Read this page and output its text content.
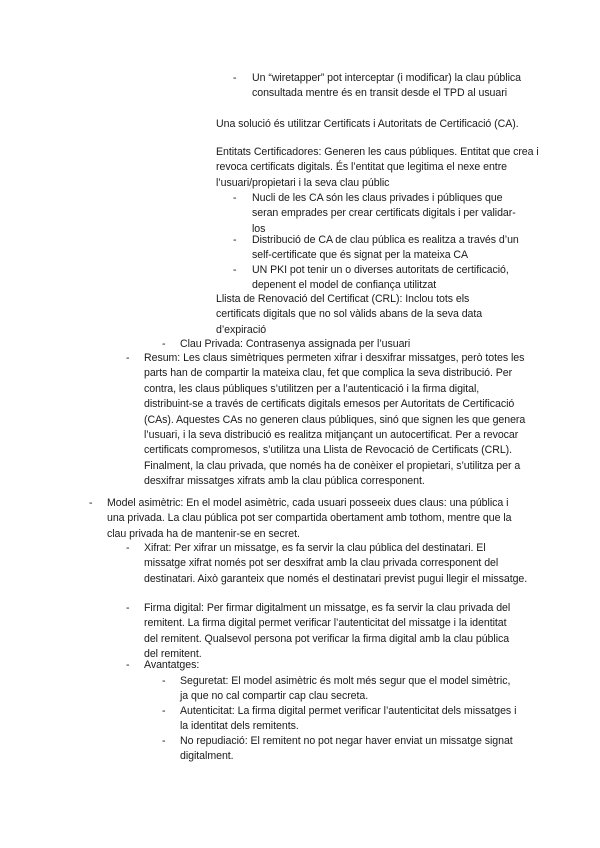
- Un “wiretapper” pot interceptar (i modificar) la clau pública consultada mentre és en transit desde el TPD al usuari
Una solució és utilitzar Certificats i Autoritats de Certificació (CA).
Entitats Certificadores: Generen les caus públiques. Entitat que crea i revoca certificats digitals. És l’entitat que legitima el nexe entre l’usuari/propietari i la seva clau públic
- Nucli de les CA són les claus privades i públiques que seran emprades per crear certificats digitals i per validar-los
- Distribució de CA de clau pública es realitza a través d’un self-certificate que és signat per la mateixa CA
- UN PKI pot tenir un o diverses autoritats de certificació, depenent el model de confiança utilitzat
Llista de Renovació del Certificat (CRL): Inclou tots els certificats digitals que no sol vàlids abans de la seva data d’expiració
- Clau Privada: Contrasenya assignada per l’usuari
- Resum: Les claus simètriques permeten xifrar i desxifrar missatges, però totes les parts han de compartir la mateixa clau, fet que complica la seva distribució. Per contra, les claus públiques s’utilitzen per a l’autenticació i la firma digital, distribuint-se a través de certificats digitals emesos per Autoritats de Certificació (CAs). Aquestes CAs no generen claus públiques, sinó que signen les que genera l’usuari, i la seva distribució es realitza mitjançant un autocertificat. Per a revocar certificats compromesos, s’utilitza una Llista de Revocació de Certificats (CRL). Finalment, la clau privada, que només ha de conèixer el propietari, s’utilitza per a desxifrar missatges xifrats amb la clau pública corresponent.
- Model asimètric: En el model asimètric, cada usuari posseeix dues claus: una pública i una privada. La clau pública pot ser compartida obertament amb tothom, mentre que la clau privada ha de mantenir-se en secret.
- Xifrat: Per xifrar un missatge, es fa servir la clau pública del destinatari. El missatge xifrat només pot ser desxifrat amb la clau privada corresponent del destinatari. Això garanteix que només el destinatari previst pugui llegir el missatge.
- Firma digital: Per firmar digitalment un missatge, es fa servir la clau privada del remitent. La firma digital permet verificar l’autenticitat del missatge i la identitat del remitent. Qualsevol persona pot verificar la firma digital amb la clau pública del remitent.
- Avantatges:
- Seguretat: El model asimètric és molt més segur que el model simètric, ja que no cal compartir cap clau secreta.
- Autenticitat: La firma digital permet verificar l’autenticitat dels missatges i la identitat dels remitents.
- No repudiació: El remitent no pot negar haver enviat un missatge signat digitalment.
